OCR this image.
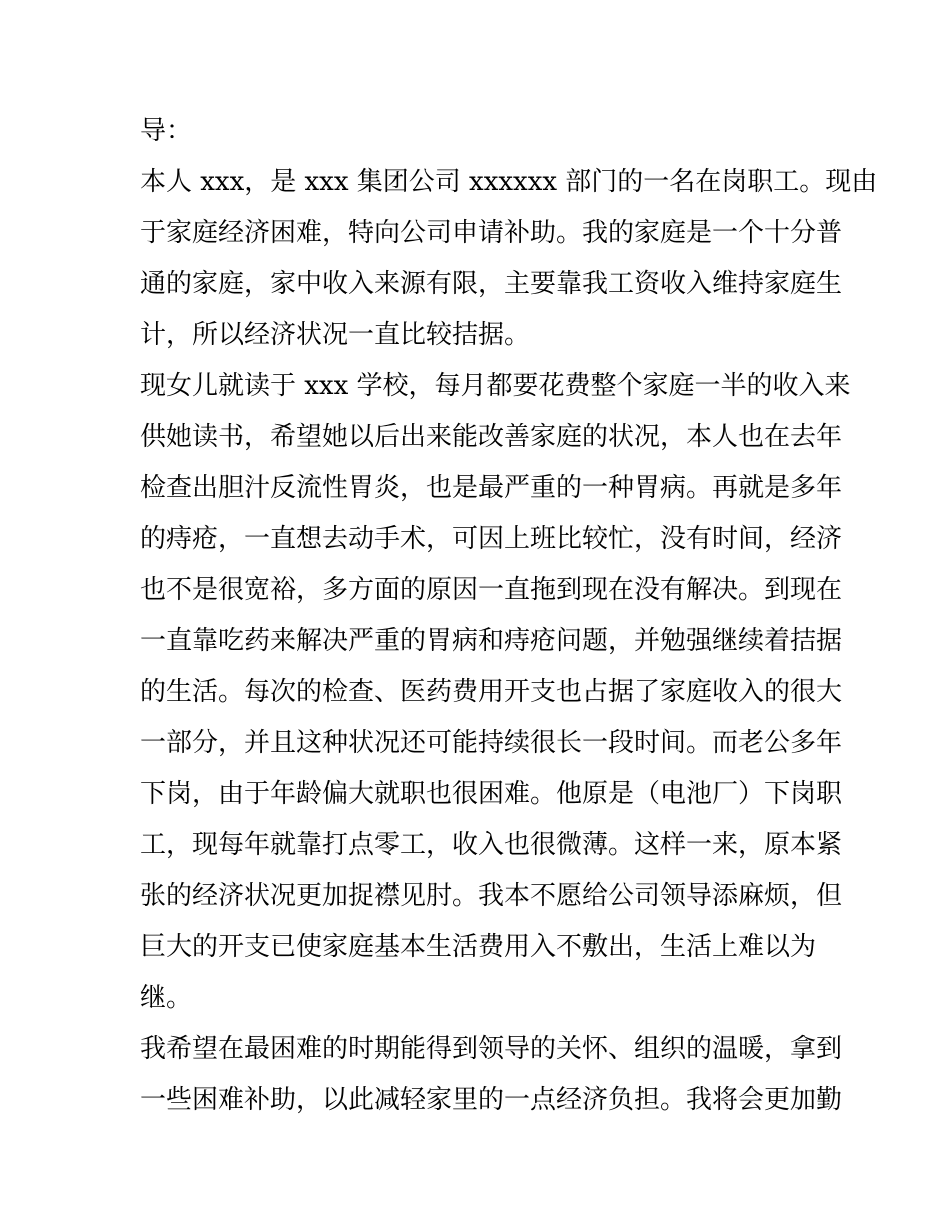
导：
本人 xxx，是 xxx 集团公司 xxxxxx 部门的一名在岗职工。现由
于家庭经济困难，特向公司申请补助。我的家庭是一个十分普
通的家庭，家中收入来源有限，主要靠我工资收入维持家庭生
计，所以经济状况一直比较拮据。
现女儿就读于 xxx 学校，每月都要花费整个家庭一半的收入来
供她读书，希望她以后出来能改善家庭的状况，本人也在去年
检查出胆汁反流性胃炎，也是最严重的一种胃病。再就是多年
的痔疮，一直想去动手术，可因上班比较忙，没有时间，经济
也不是很宽裕，多方面的原因一直拖到现在没有解决。到现在
一直靠吃药来解决严重的胃病和痔疮问题，并勉强继续着拮据
的生活。每次的检查、医药费用开支也占据了家庭收入的很大
一部分，并且这种状况还可能持续很长一段时间。而老公多年
下岗，由于年龄偏大就职也很困难。他原是（电池厂）下岗职
工，现每年就靠打点零工，收入也很微薄。这样一来，原本紧
张的经济状况更加捉襟见肘。我本不愿给公司领导添麻烦，但
巨大的开支已使家庭基本生活费用入不敷出，生活上难以为
继。
我希望在最困难的时期能得到领导的关怀、组织的温暖，拿到
一些困难补助，以此减轻家里的一点经济负担。我将会更加勤
